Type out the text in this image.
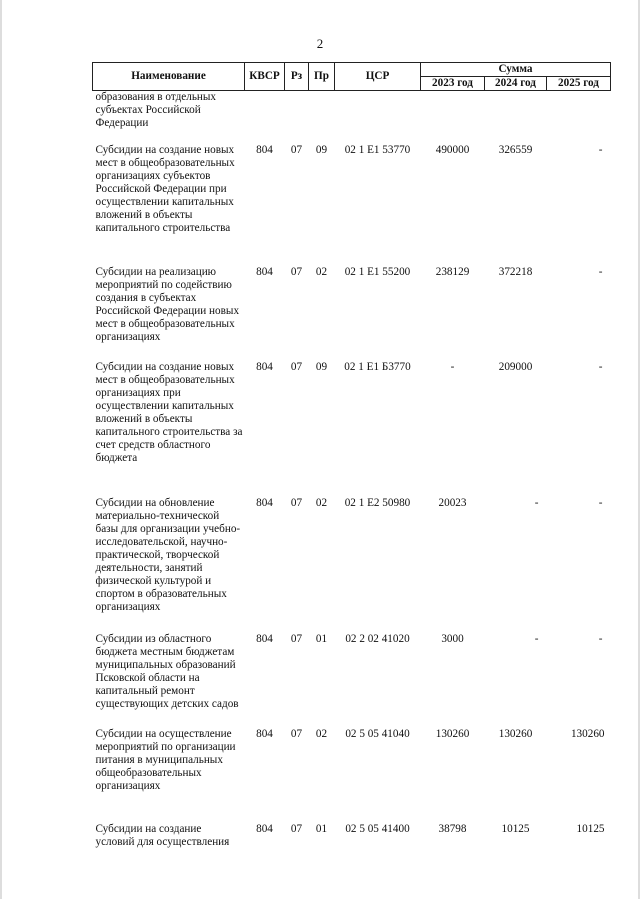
2
Наименование	КВСР	Рз	Пр	ЦСР	Сумма		
					2023 год	2024 год	2025 год
образования в отдельных субъектах Российской Федерации							
Субсидии на создание новых мест в общеобразовательных организациях субъектов Российской Федерации при осуществлении капитальных вложений в объекты капитального строительства	804	07	09	02 1 E1 53770	490000	326559	-
Субсидии на реализацию мероприятий по содействию создания в субъектах Российской Федерации новых мест в общеобразовательных организациях	804	07	02	02 1 E1 55200	238129	372218	-
Субсидии на создание новых мест в общеобразовательных организациях при осуществлении капитальных вложений в объекты капитального строительства за счет средств областного бюджета	804	07	09	02 1 E1 Б3770	-	209000	-
Субсидии на обновление материально-технической базы для организации учебно-исследовательской, научно-практической, творческой деятельности, занятий физической культурой и спортом в образовательных организациях	804	07	02	02 1 E2 50980	20023	-	-
Субсидии из областного бюджета местным бюджетам муниципальных образований Псковской области на капитальный ремонт существующих детских садов	804	07	01	02 2 02 41020	3000	-	-
Субсидии на осуществление мероприятий по организации питания в муниципальных общеобразовательных организациях	804	07	02	02 5 05 41040	130260	130260	130260
Субсидии на создание условий для осуществления	804	07	01	02 5 05 41400	38798	10125	10125
